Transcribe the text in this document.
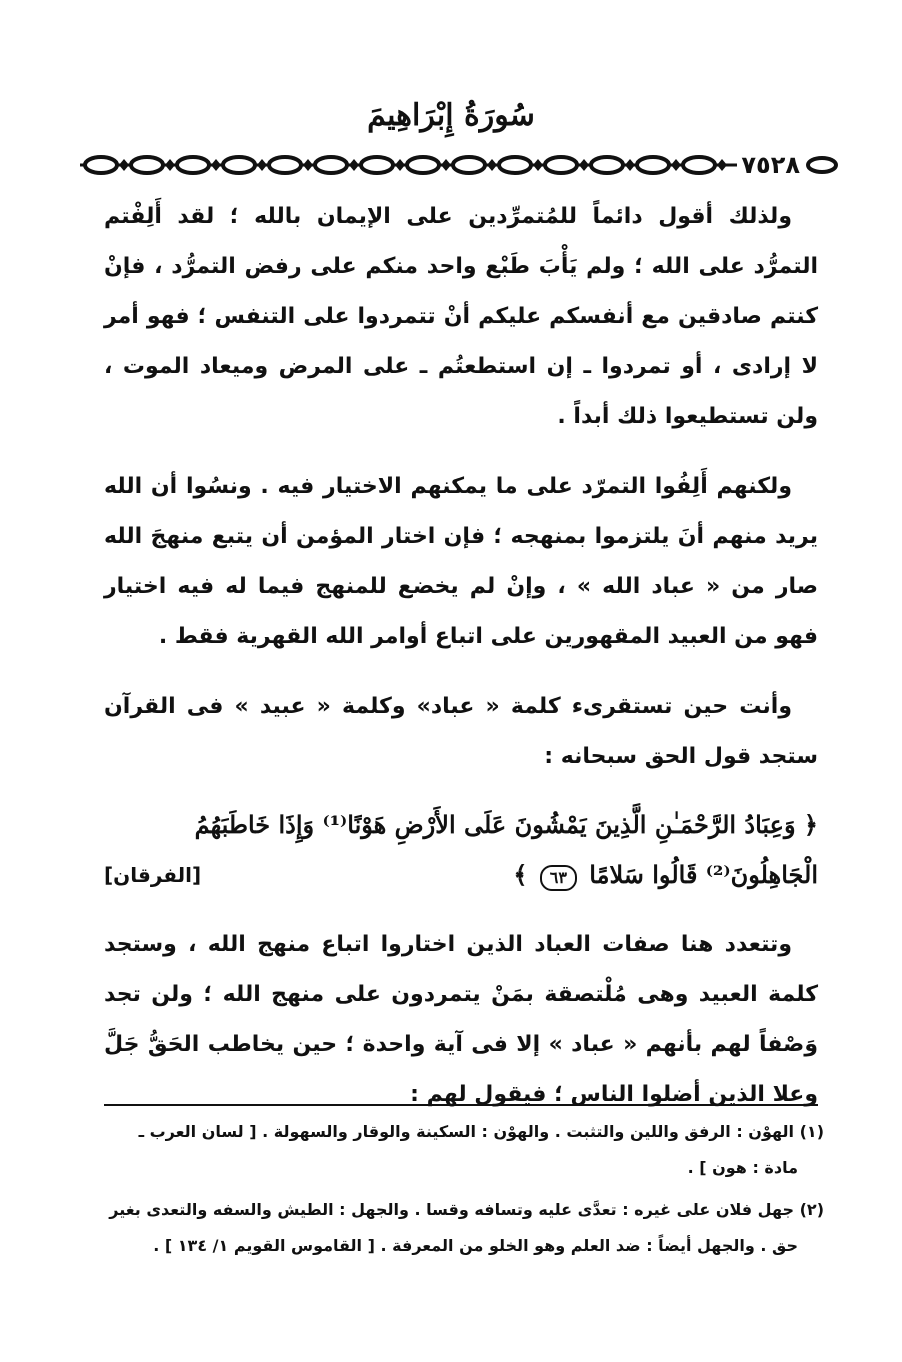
سُورَةُ إِبْرَاهِيمَ
٧٥٢٨

ولذلك أقول دائماً للمُتمرِّدين على الإيمان بالله ؛ لقد أَلِفْتم التمرُّد على الله ؛ ولم يَأْبَ طَبْع واحد منكم على رفض التمرُّد ، فإنْ كنتم صادقين مع أنفسكم عليكم أنْ تتمردوا على التنفس ؛ فهو أمر لا إرادى ، أو تمردوا ـ إن استطعتُم ـ على المرض وميعاد الموت ، ولن تستطيعوا ذلك أبداً .

ولكنهم أَلِفُوا التمرّد على ما يمكنهم الاختيار فيه . ونسُوا أن الله يريد منهم أنَ يلتزموا بمنهجه ؛ فإن اختار المؤمن أن يتبع منهجَ الله صار من « عباد الله » ، وإنْ لم يخضع للمنهج فيما له فيه اختيار فهو من العبيد المقهورين على اتباع أوامر الله القهرية فقط .

وأنت حين تستقرىء كلمة « عباد» وكلمة « عبيد » فى القرآن ستجد قول الحق سبحانه :

﴿ وَعِبَادُ الرَّحْمَـٰنِ الَّذِينَ يَمْشُونَ عَلَى الأَرْضِ هَوْنًا⁽¹⁾ وَإِذَا خَاطَبَهُمُ
الْجَاهِلُونَ⁽²⁾ قَالُوا سَلامًا ٦٣ ﴾
[الفرقان]

وتتعدد هنا صفات العباد الذين اختاروا اتباع منهج الله ، وستجد كلمة العبيد وهى مُلْتصقة بمَنْ يتمردون على منهج الله ؛ ولن تجد وَصْفاً لهم بأنهم « عباد » إلا فى آية واحدة ؛ حين يخاطب الحَقُّ جَلَّ وعلا الذين أضلوا الناس ؛ فيقول لهم :

(١) الهوْن : الرفق واللين والتثبت . والهوْن : السكينة والوقار والسهولة . [ لسان العرب ـ
مادة : هون ] .
(٢) جهل فلان على غيره : تعدَّى عليه وتسافه وقسا . والجهل : الطيش والسفه والتعدى بغير
حق . والجهل أيضاً : ضد العلم وهو الخلو من المعرفة . [ القاموس القويم ١/ ١٣٤ ] .
